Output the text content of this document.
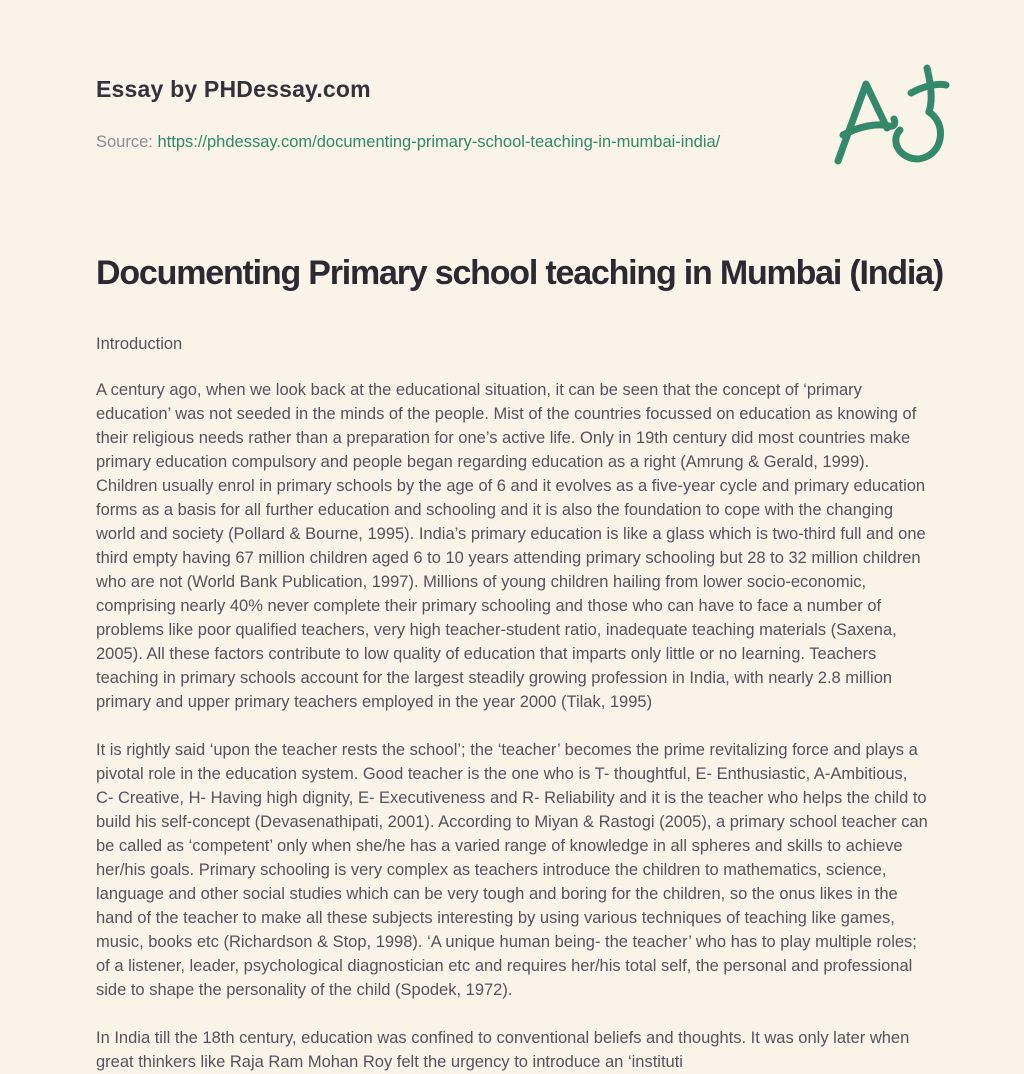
Essay by PHDessay.com
Source: https://phdessay.com/documenting-primary-school-teaching-in-mumbai-india/
Documenting Primary school teaching in Mumbai (India)
Introduction

A century ago, when we look back at the educational situation, it can be seen that the concept of ‘primary education’ was not seeded in the minds of the people. Mist of the countries focussed on education as knowing of their religious needs rather than a preparation for one’s active life. Only in 19th century did most countries make primary education compulsory and people began regarding education as a right (Amrung & Gerald, 1999). Children usually enrol in primary schools by the age of 6 and it evolves as a five-year cycle and primary education forms as a basis for all further education and schooling and it is also the foundation to cope with the changing world and society (Pollard & Bourne, 1995). India’s primary education is like a glass which is two-third full and one third empty having 67 million children aged 6 to 10 years attending primary schooling but 28 to 32 million children who are not (World Bank Publication, 1997). Millions of young children hailing from lower socio-economic, comprising nearly 40% never complete their primary schooling and those who can have to face a number of problems like poor qualified teachers, very high teacher-student ratio, inadequate teaching materials (Saxena, 2005). All these factors contribute to low quality of education that imparts only little or no learning. Teachers teaching in primary schools account for the largest steadily growing profession in India, with nearly 2.8 million primary and upper primary teachers employed in the year 2000 (Tilak, 1995)

It is rightly said ‘upon the teacher rests the school’; the ‘teacher’ becomes the prime revitalizing force and plays a pivotal role in the education system. Good teacher is the one who is T- thoughtful, E- Enthusiastic, A-Ambitious, C- Creative, H- Having high dignity, E- Executiveness and R- Reliability and it is the teacher who helps the child to build his self-concept (Devasenathipati, 2001). According to Miyan & Rastogi (2005), a primary school teacher can be called as ‘competent’ only when she/he has a varied range of knowledge in all spheres and skills to achieve her/his goals. Primary schooling is very complex as teachers introduce the children to mathematics, science, language and other social studies which can be very tough and boring for the children, so the onus likes in the hand of the teacher to make all these subjects interesting by using various techniques of teaching like games, music, books etc (Richardson & Stop, 1998). ‘A unique human being- the teacher’ who has to play multiple roles; of a listener, leader, psychological diagnostician etc and requires her/his total self, the personal and professional side to shape the personality of the child (Spodek, 1972).

In India till the 18th century, education was confined to conventional beliefs and thoughts. It was only later when great thinkers like Raja Ram Mohan Roy felt the urgency to introduce an ‘instituti
